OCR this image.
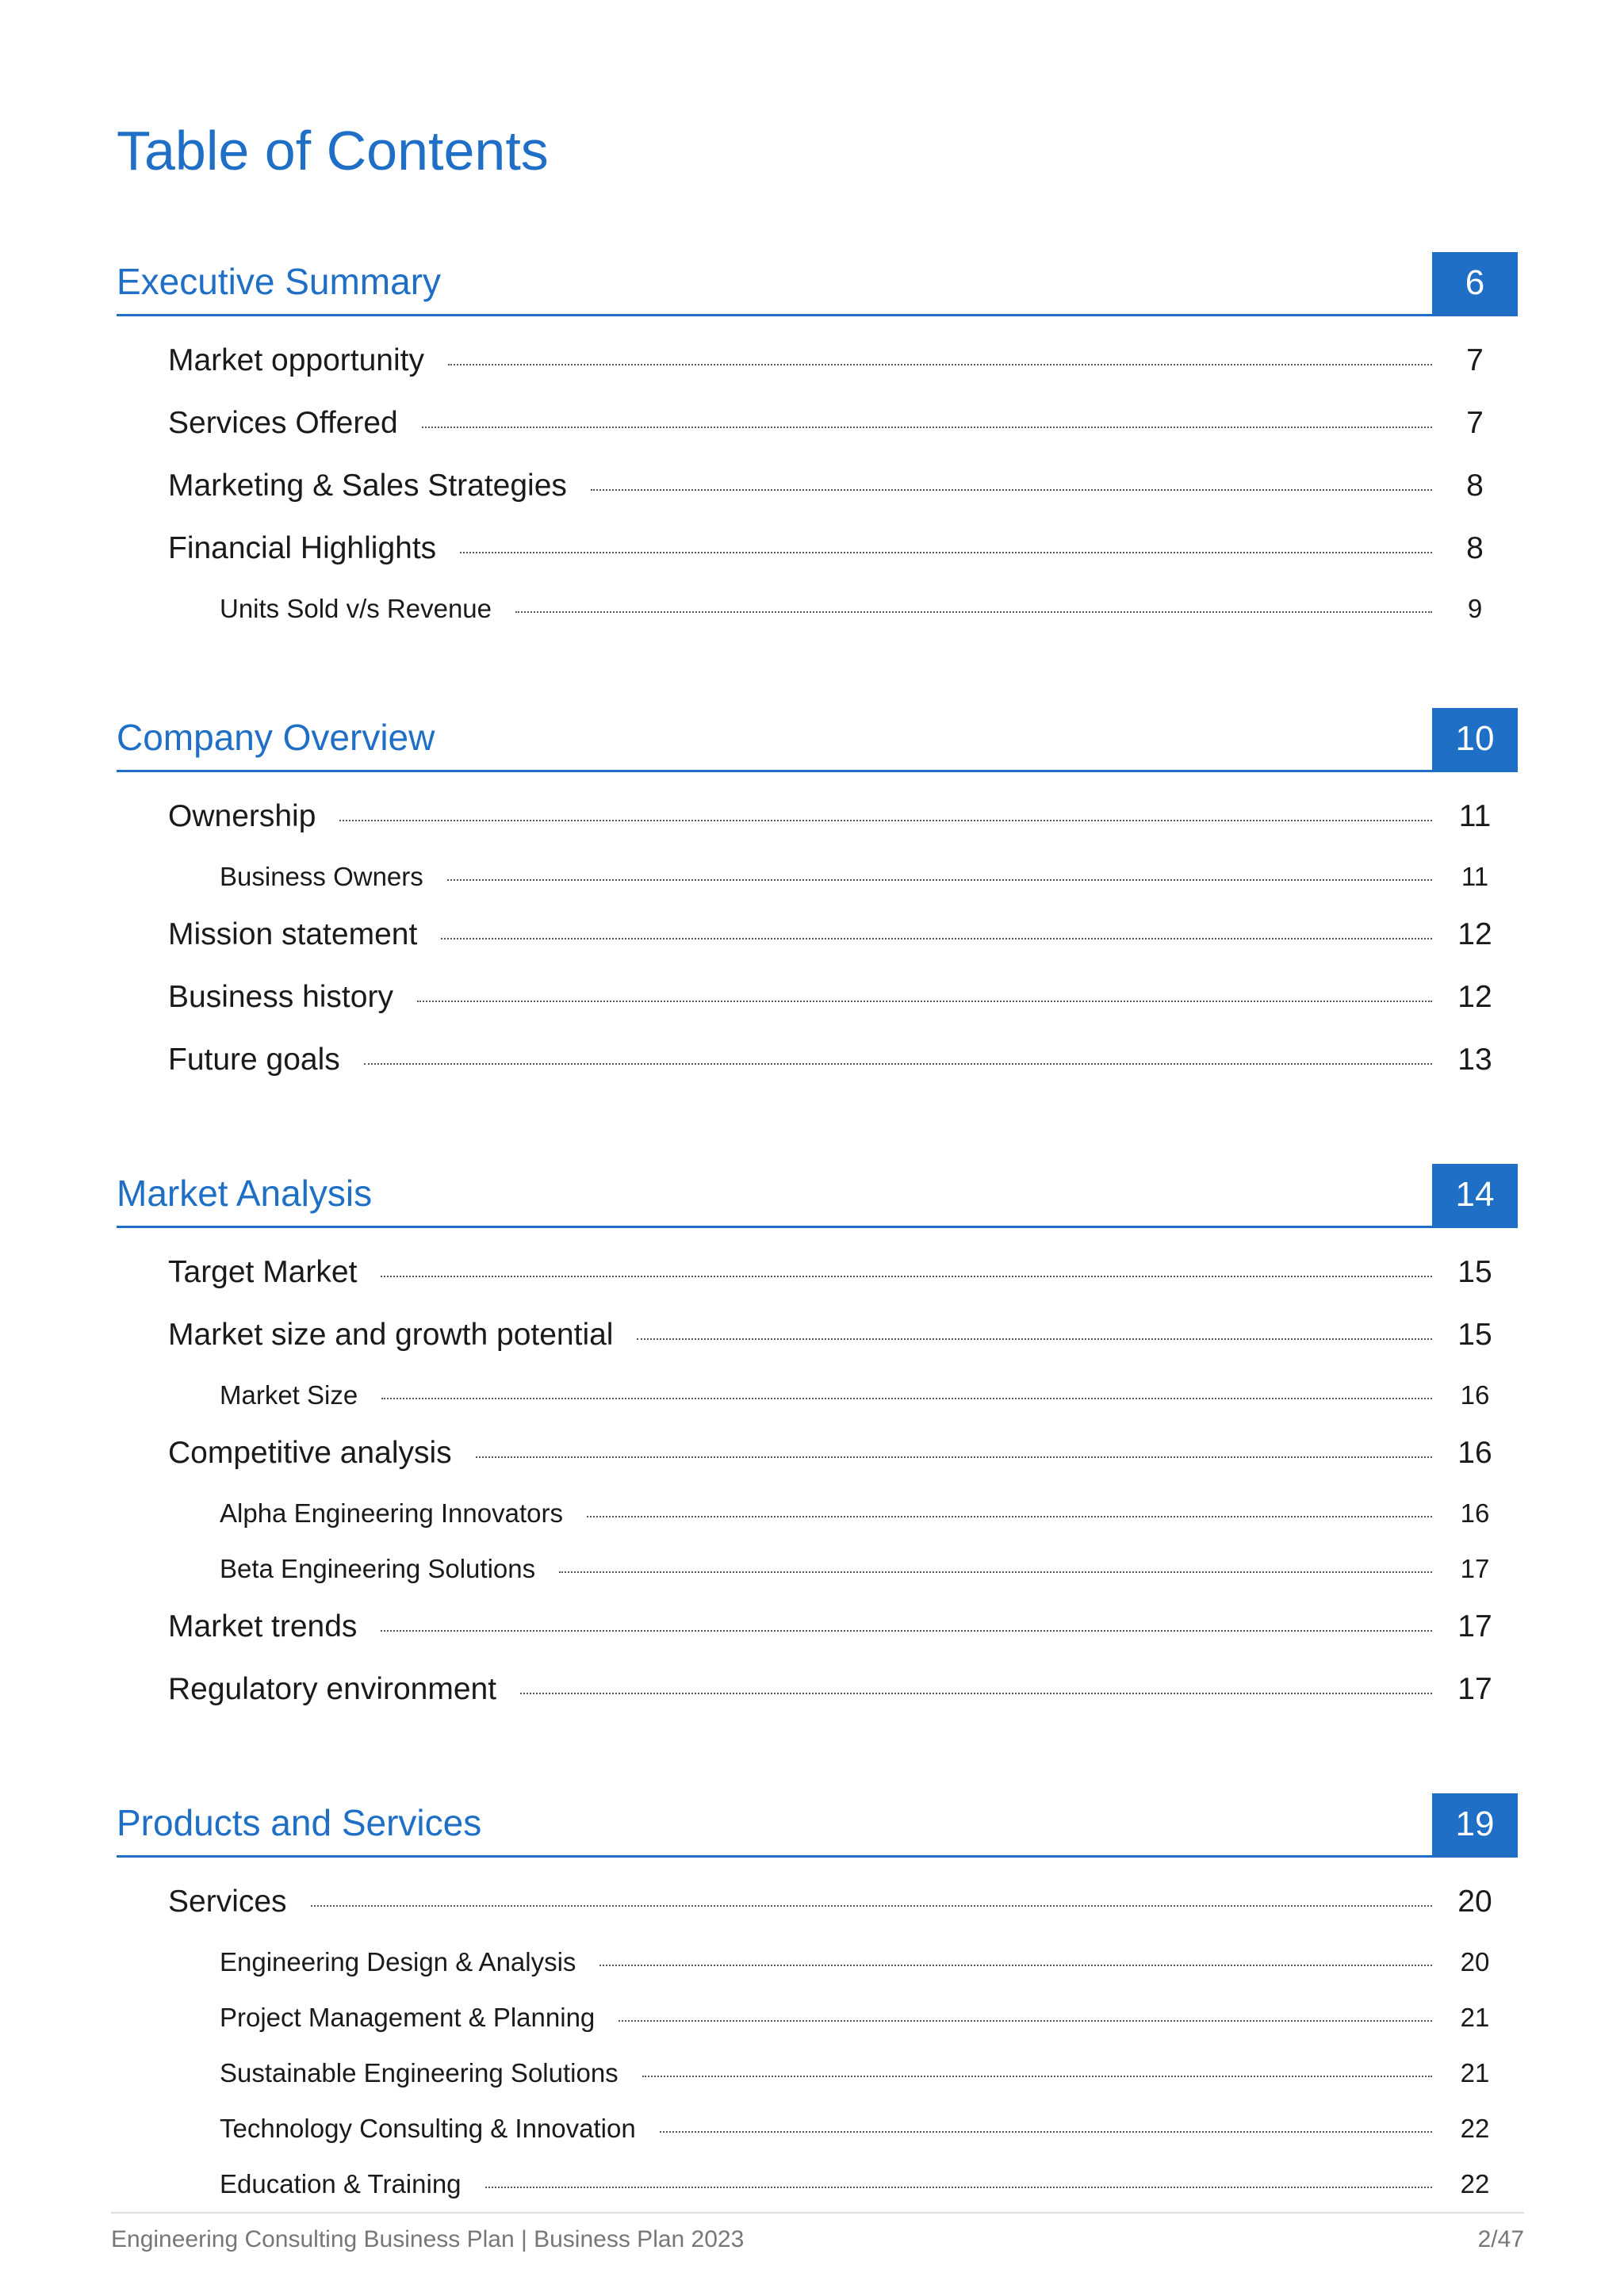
Table of Contents
Executive Summary	6
Market opportunity	7
Services Offered	7
Marketing & Sales Strategies	8
Financial Highlights	8
Units Sold v/s Revenue	9
Company Overview	10
Ownership	11
Business Owners	11
Mission statement	12
Business history	12
Future goals	13
Market Analysis	14
Target Market	15
Market size and growth potential	15
Market Size	16
Competitive analysis	16
Alpha Engineering Innovators	16
Beta Engineering Solutions	17
Market trends	17
Regulatory environment	17
Products and Services	19
Services	20
Engineering Design & Analysis	20
Project Management & Planning	21
Sustainable Engineering Solutions	21
Technology Consulting & Innovation	22
Education & Training	22
Engineering Consulting Business Plan | Business Plan 2023	2/47
